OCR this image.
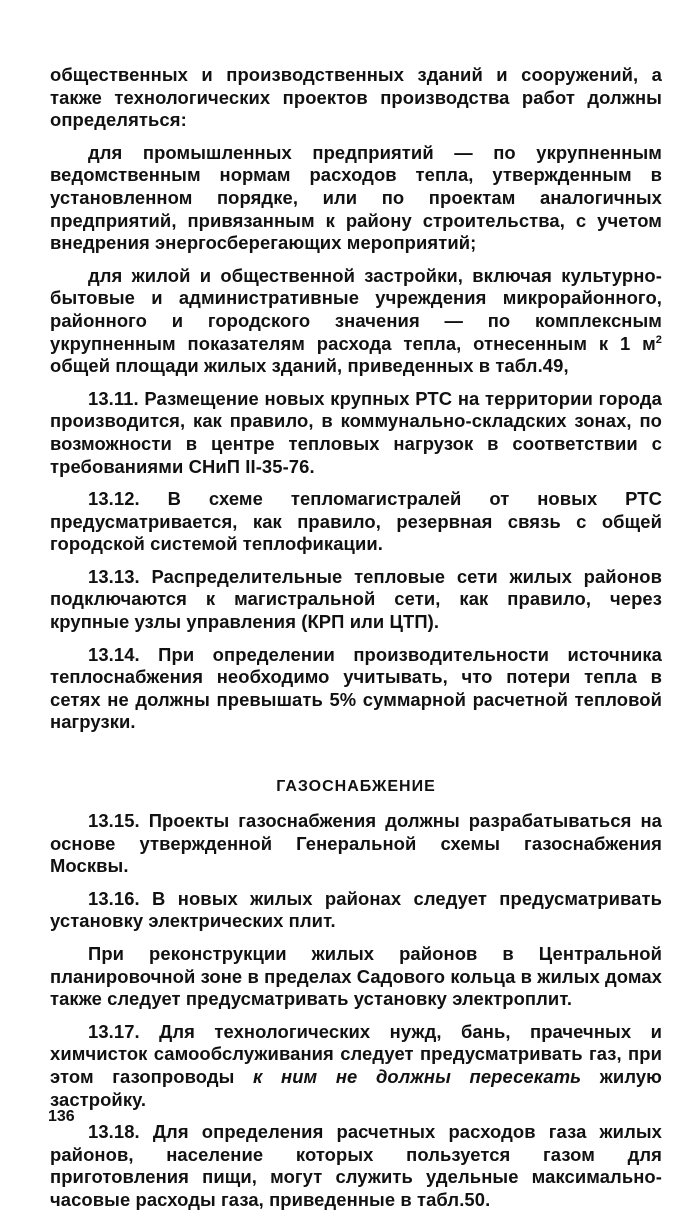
общественных и производственных зданий и сооружений, а также технологических проектов производства работ должны определяться:

для промышленных предприятий — по укрупненным ведомственным нормам расходов тепла, утвержденным в установленном порядке, или по проектам аналогичных предприятий, привязанным к району строительства, с учетом внедрения энергосберегающих мероприятий;

для жилой и общественной застройки, включая культурно-бытовые и административные учреждения микрорайонного, районного и городского значения — по комплексным укрупненным показателям расхода тепла, отнесенным к 1 $м^2$ общей площади жилых зданий, приведенных в табл.49,

13.11. Размещение новых крупных РТС на территории города производится, как правило, в коммунально-складских зонах, по возможности в центре тепловых нагрузок в соответствии с требованиями СНиП II-35-76.

13.12. В схеме тепломагистралей от новых РТС предусматривается, как правило, резервная связь с общей городской системой теплофикации.

13.13. Распределительные тепловые сети жилых районов подключаются к магистральной сети, как правило, через крупные узлы управления (КРП или ЦТП).

13.14. При определении производительности источника теплоснабжения необходимо учитывать, что потери тепла в сетях не должны превышать 5% суммарной расчетной тепловой нагрузки.

ГАЗОСНАБЖЕНИЕ

13.15. Проекты газоснабжения должны разрабатываться на основе утвержденной Генеральной схемы газоснабжения Москвы.

13.16. В новых жилых районах следует предусматривать установку электрических плит.

При реконструкции жилых районов в Центральной планировочной зоне в пределах Садового кольца в жилых домах также следует предусматривать установку электроплит.

13.17. Для технологических нужд, бань, прачечных и химчисток самообслуживания следует предусматривать газ, при этом газопроводы к ним не должны пересекать жилую застройку.

13.18. Для определения расчетных расходов газа жилых районов, население которых пользуется газом для приготовления пищи, могут служить удельные максимально-часовые расходы газа, приведенные в табл.50.

136
